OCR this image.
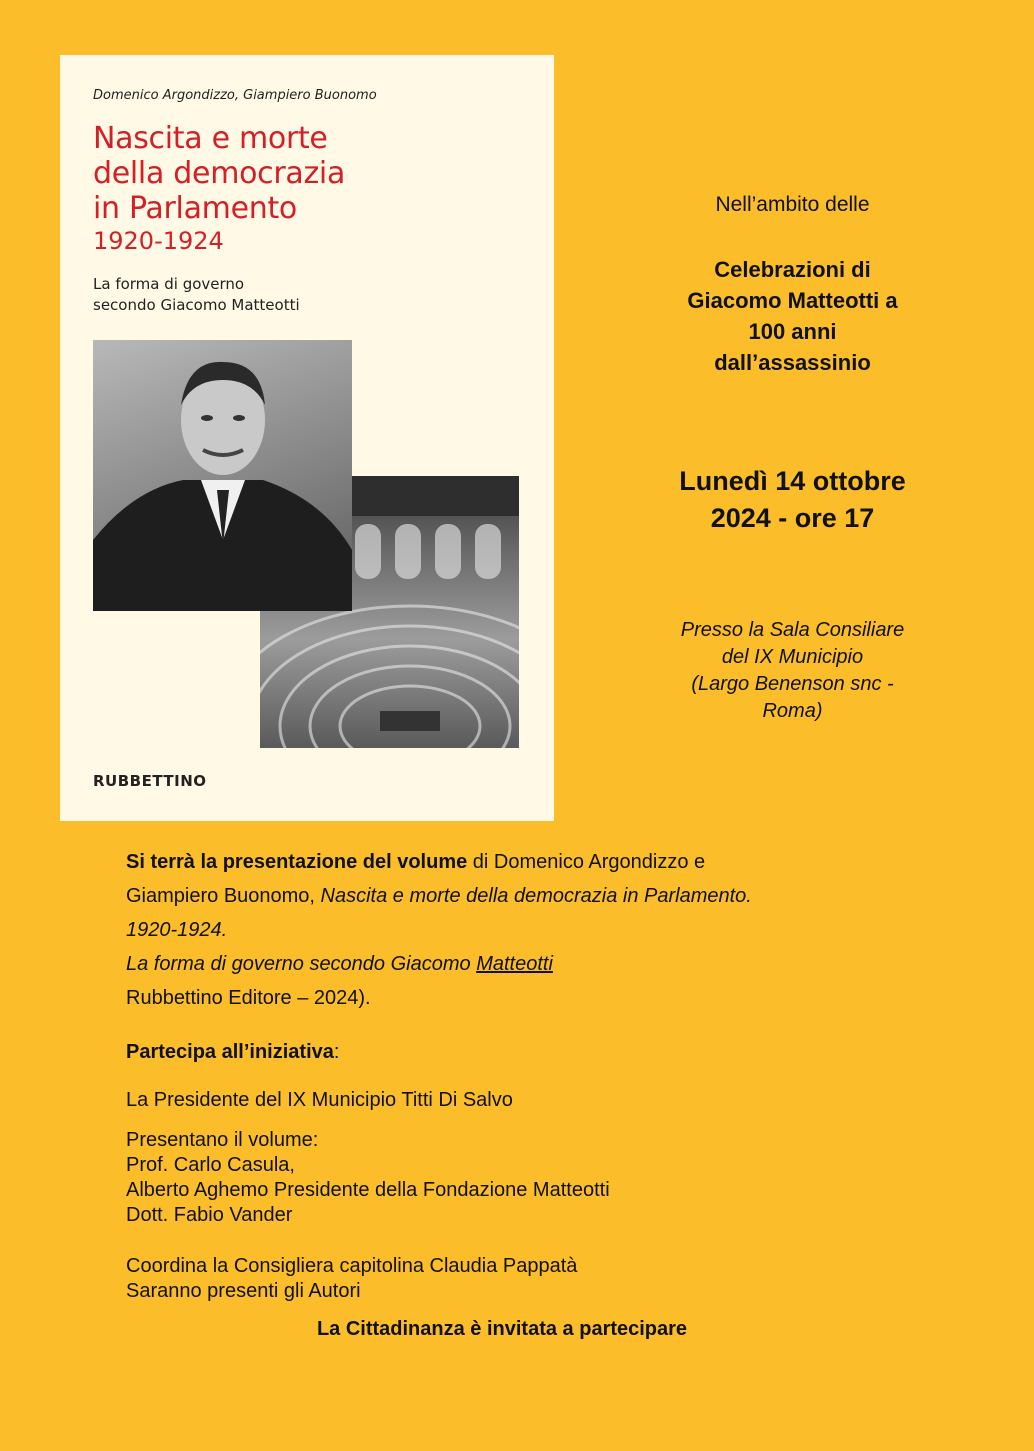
Domenico Argondizzo, Giampiero Buonomo
Nascita e morte
della democrazia
in Parlamento
1920-1924
La forma di governo
secondo Giacomo Matteotti
RUBBETTINO
Nell’ambito delle
Celebrazioni di
Giacomo Matteotti a
100 anni
dall’assassinio
Lunedì 14 ottobre
2024 - ore 17
Presso la Sala Consiliare
del IX Municipio
(Largo Benenson snc -
Roma)

Si terrà la presentazione del volume di Domenico Argondizzo e

Giampiero Buonomo, Nascita e morte della democrazia in Parlamento.

1920-1924.

La forma di governo secondo Giacomo Matteotti

Rubbettino Editore – 2024).

Partecipa all’iniziativa:

La Presidente del IX Municipio Titti Di Salvo

Presentano il volume:
Prof. Carlo Casula,
Alberto Aghemo Presidente della Fondazione Matteotti
Dott. Fabio Vander
Coordina la Consigliera capitolina Claudia Pappatà
Saranno presenti gli Autori
La Cittadinanza è invitata a partecipare
